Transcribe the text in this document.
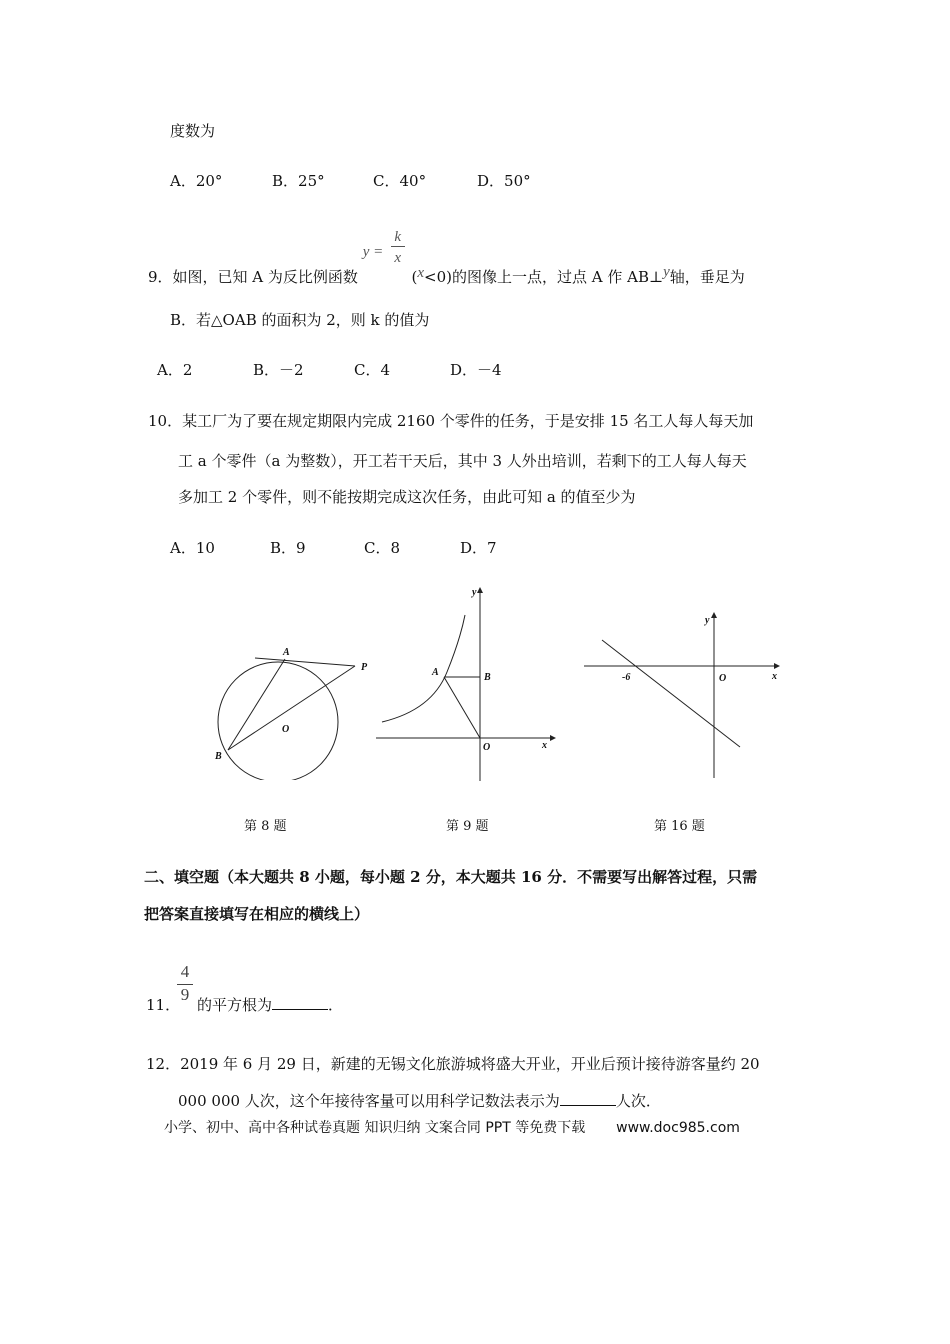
度数为
A．20°	B．25°	C．40°	D．50°
9．如图，已知 A 为反比例函数
y =
k
x
(x<0)的图像上一点，过点 A 作 AB⊥y轴，垂足为
B．若△OAB 的面积为 2，则 k 的值为
A．2	B．－2	C．4	D．－4
10．某工厂为了要在规定期限内完成 2160 个零件的任务，于是安排 15 名工人每人每天加
工 a 个零件（a 为整数），开工若干天后，其中 3 人外出培训，若剩下的工人每人每天
多加工 2 个零件，则不能按期完成这次任务，由此可知 a 的值至少为
A．10	B．9	C．8	D．7
A
P
O
B
y
A	B
O	x
y
-6	O	x
第 8 题	第 9 题	第 16 题
二、填空题（本大题共 8 小题，每小题 2 分，本大题共 16 分．不需要写出解答过程，只需
把答案直接填写在相应的横线上）
11．
$\frac{4}{9}$ 的平方根为	．
12．2019 年 6 月 29 日，新建的无锡文化旅游城将盛大开业，开业后预计接待游客量约 20
000 000 人次，这个年接待客量可以用科学记数法表示为	人次．
小学、初中、高中各种试卷真题 知识归纳 文案合同 PPT 等免费下载 www.doc985.com
